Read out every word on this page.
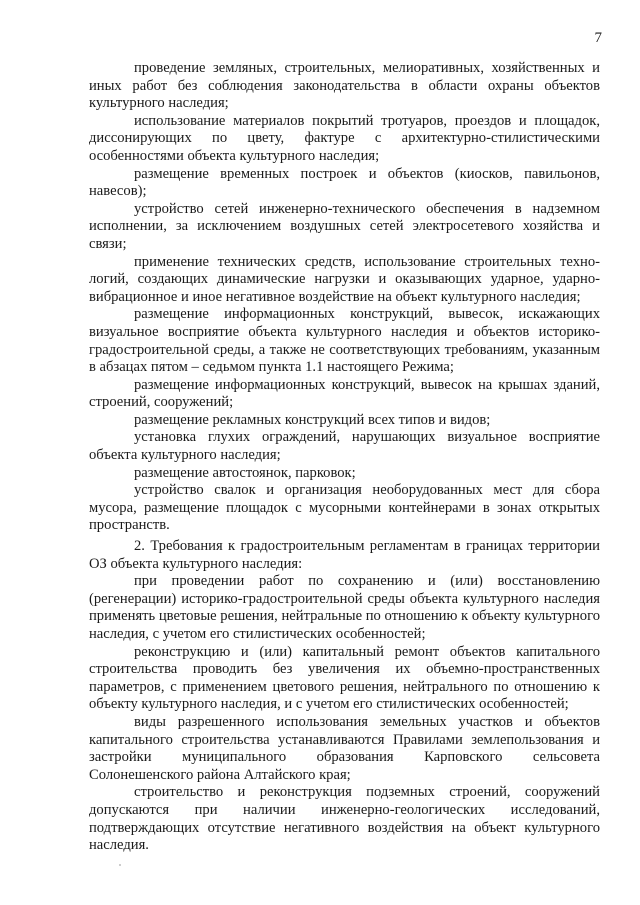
7

проведение земляных, строительных, мелиоративных, хозяйственных и иных работ без соблюдения законодательства в области охраны объектов культурного наследия;

использование материалов покрытий тротуаров, проездов и площадок, диссонирующих по цвету, фактуре с архитектурно-стилистическими особенностями объекта культурного наследия;

размещение временных построек и объектов (киосков, павильонов, навесов);

устройство сетей инженерно-технического обеспечения в надземном исполнении, за исключением воздушных сетей электросетевого хозяйства и связи;

применение технических средств, использование строительных технологий, создающих динамические нагрузки и оказывающих ударное, ударно-вибрационное и иное негативное воздействие на объект культурного наследия;

размещение информационных конструкций, вывесок, искажающих визуальное восприятие объекта культурного наследия и объектов историко-градостроительной среды, а также не соответствующих требованиям, указанным в абзацах пятом – седьмом пункта 1.1 настоящего Режима;

размещение информационных конструкций, вывесок на крышах зданий, строений, сооружений;

размещение рекламных конструкций всех типов и видов;

установка глухих ограждений, нарушающих визуальное восприятие объекта культурного наследия;

размещение автостоянок, парковок;

устройство свалок и организация необорудованных мест для сбора мусора, размещение площадок с мусорными контейнерами в зонах открытых пространств.

2. Требования к градостроительным регламентам в границах территории ОЗ объекта культурного наследия:

при проведении работ по сохранению и (или) восстановлению (регенерации) историко-градостроительной среды объекта культурного наследия применять цветовые решения, нейтральные по отношению к объекту культурного наследия, с учетом его стилистических особенностей;

реконструкцию и (или) капитальный ремонт объектов капитального строительства проводить без увеличения их объемно-пространственных параметров, с применением цветового решения, нейтрального по отношению к объекту культурного наследия, и с учетом его стилистических особенностей;

виды разрешенного использования земельных участков и объектов капитального строительства устанавливаются Правилами землепользования и застройки муниципального образования Карповского сельсовета Солонешенского района Алтайского края;

строительство и реконструкция подземных строений, сооружений допускаются при наличии инженерно-геологических исследований, подтверждающих отсутствие негативного воздействия на объект культурного наследия.
